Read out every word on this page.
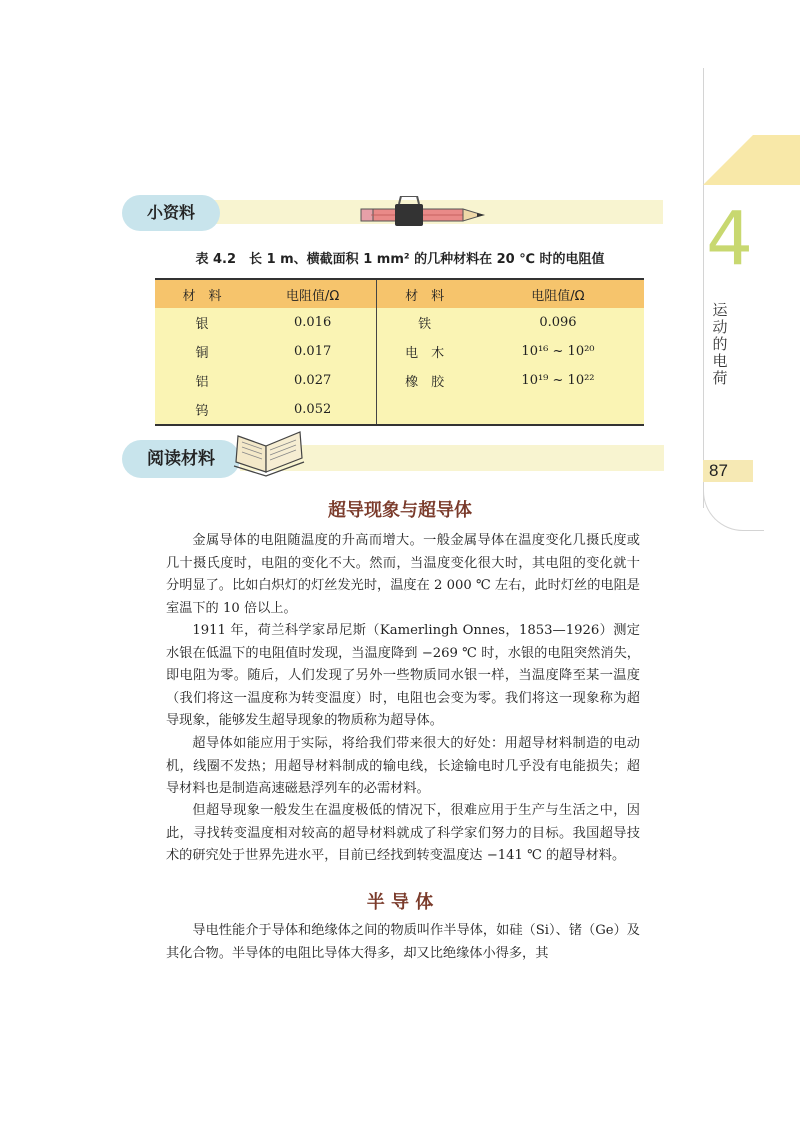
4
运动的电荷
87
小资料
表 4.2　长 1 m、横截面积 1 mm² 的几种材料在 20 ℃ 时的电阻值
材　料	电阻值/Ω	材　料	电阻值/Ω
银	0.016	铁	0.096
铜	0.017	电　木	10¹⁶ ~ 10²⁰
铝	0.027	橡　胶	10¹⁹ ~ 10²²
钨	0.052		
阅读材料
超导现象与超导体

金属导体的电阻随温度的升高而增大。一般金属导体在温度变化几摄氏度或几十摄氏度时，电阻的变化不大。然而，当温度变化很大时，其电阻的变化就十分明显了。比如白炽灯的灯丝发光时，温度在 2 000 ℃ 左右，此时灯丝的电阻是室温下的 10 倍以上。

1911 年，荷兰科学家昂尼斯（Kamerlingh Onnes，1853—1926）测定水银在低温下的电阻值时发现，当温度降到 −269 ℃ 时，水银的电阻突然消失，即电阻为零。随后，人们发现了另外一些物质同水银一样，当温度降至某一温度（我们将这一温度称为转变温度）时，电阻也会变为零。我们将这一现象称为超导现象，能够发生超导现象的物质称为超导体。

超导体如能应用于实际，将给我们带来很大的好处：用超导材料制造的电动机，线圈不发热；用超导材料制成的输电线，长途输电时几乎没有电能损失；超导材料也是制造高速磁悬浮列车的必需材料。

但超导现象一般发生在温度极低的情况下，很难应用于生产与生活之中，因此，寻找转变温度相对较高的超导材料就成了科学家们努力的目标。我国超导技术的研究处于世界先进水平，目前已经找到转变温度达 −141 ℃ 的超导材料。

半 导 体

导电性能介于导体和绝缘体之间的物质叫作半导体，如硅（Si）、锗（Ge）及其化合物。半导体的电阻比导体大得多，却又比绝缘体小得多，其
